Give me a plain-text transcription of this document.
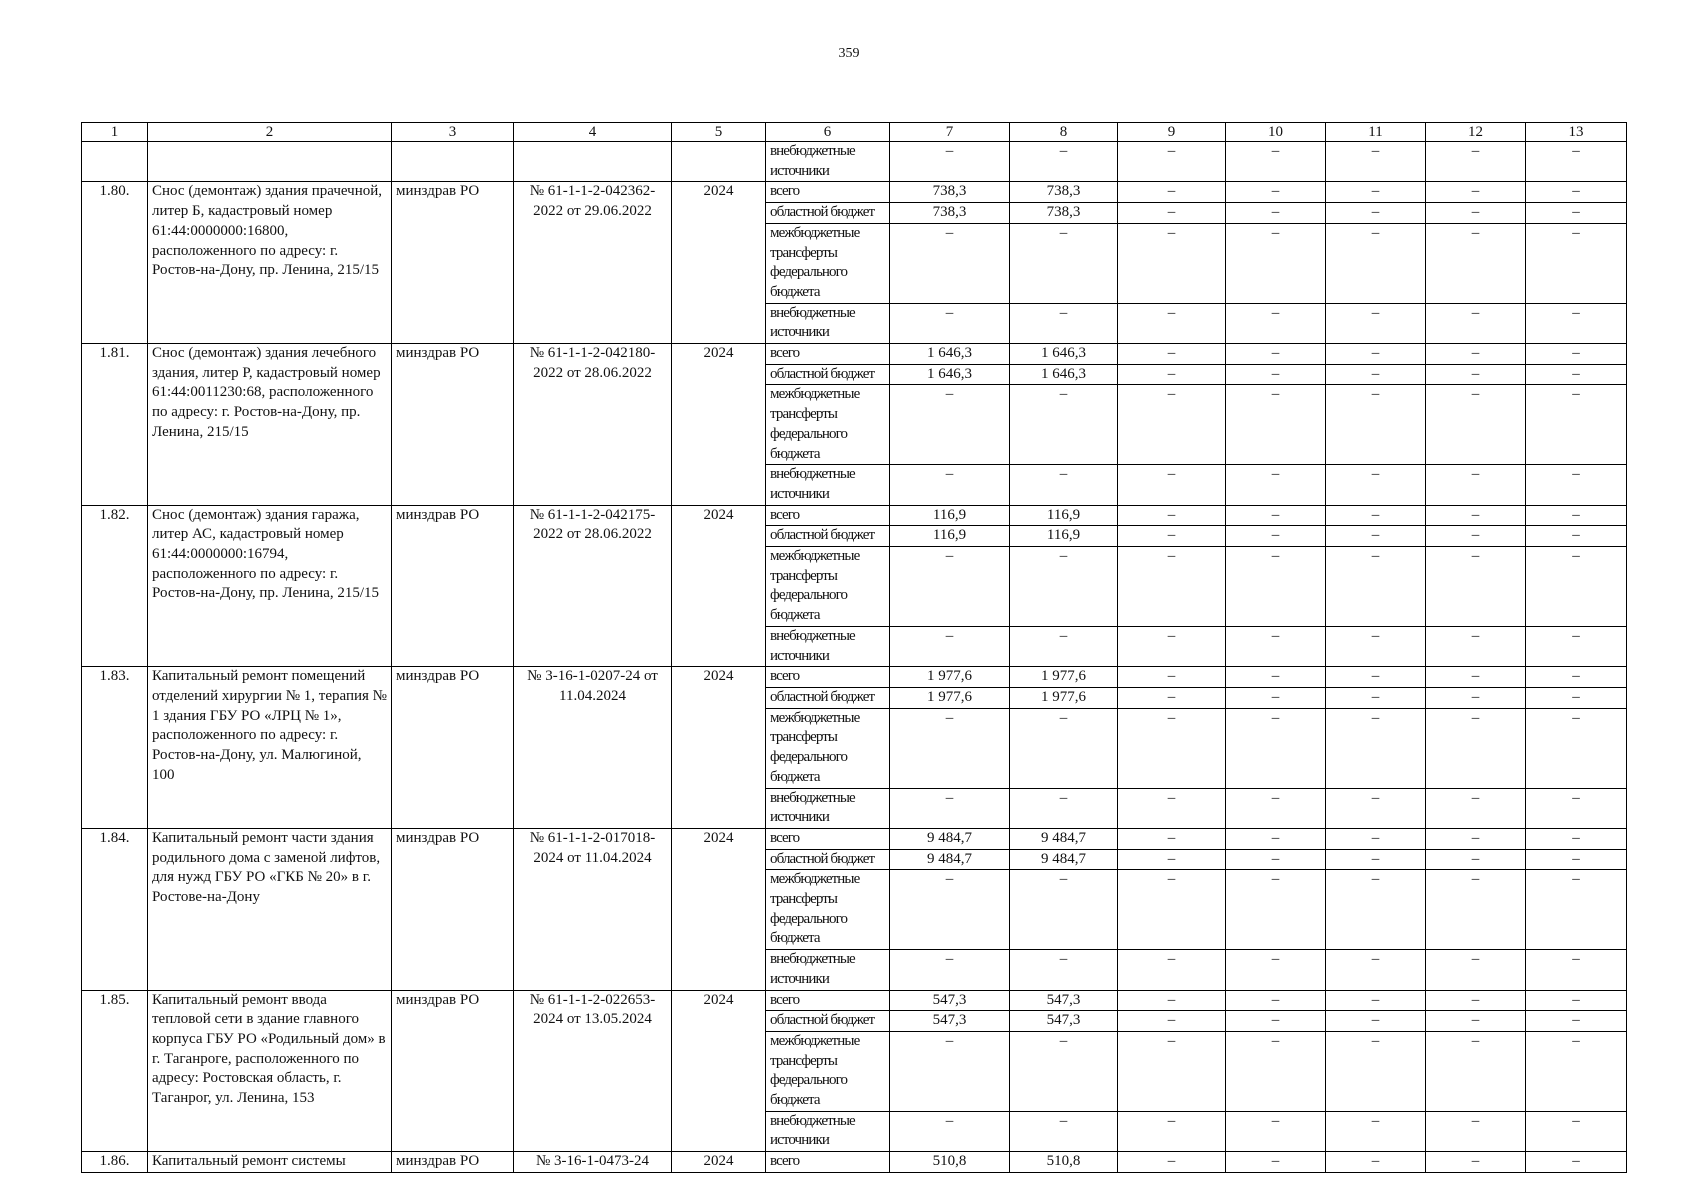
359
1	2	3	4	5	6	7	8	9	10	11	12	13
					внебюджетные источники	–	–	–	–	–	–	–
1.80.	Снос (демонтаж) здания прачечной, литер Б, кадастровый номер 61:44:0000000:16800, расположенного по адресу: г. Ростов-на-Дону, пр. Ленина, 215/15	минздрав РО	№ 61-1-1-2-042362-2022 от 29.06.2022	2024	всего	738,3	738,3	–	–	–	–	–
					областной бюджет	738,3	738,3	–	–	–	–	–
					межбюджетные трансферты федерального бюджета	–	–	–	–	–	–	–
					внебюджетные источники	–	–	–	–	–	–	–
1.81.	Снос (демонтаж) здания лечебного здания, литер Р, кадастровый номер 61:44:0011230:68, расположенного по адресу: г. Ростов-на-Дону, пр. Ленина, 215/15	минздрав РО	№ 61-1-1-2-042180-2022 от 28.06.2022	2024	всего	1 646,3	1 646,3	–	–	–	–	–
					областной бюджет	1 646,3	1 646,3	–	–	–	–	–
					межбюджетные трансферты федерального бюджета	–	–	–	–	–	–	–
					внебюджетные источники	–	–	–	–	–	–	–
1.82.	Снос (демонтаж) здания гаража, литер АС, кадастровый номер 61:44:0000000:16794, расположенного по адресу: г. Ростов-на-Дону, пр. Ленина, 215/15	минздрав РО	№ 61-1-1-2-042175-2022 от 28.06.2022	2024	всего	116,9	116,9	–	–	–	–	–
					областной бюджет	116,9	116,9	–	–	–	–	–
					межбюджетные трансферты федерального бюджета	–	–	–	–	–	–	–
					внебюджетные источники	–	–	–	–	–	–	–
1.83.	Капитальный ремонт помещений отделений хирургии № 1, терапия № 1 здания ГБУ РО «ЛРЦ № 1», расположенного по адресу: г. Ростов-на-Дону, ул. Малюгиной, 100	минздрав РО	№ 3-16-1-0207-24 от 11.04.2024	2024	всего	1 977,6	1 977,6	–	–	–	–	–
					областной бюджет	1 977,6	1 977,6	–	–	–	–	–
					межбюджетные трансферты федерального бюджета	–	–	–	–	–	–	–
					внебюджетные источники	–	–	–	–	–	–	–
1.84.	Капитальный ремонт части здания родильного дома с заменой лифтов, для нужд ГБУ РО «ГКБ № 20» в г. Ростове-на-Дону	минздрав РО	№ 61-1-1-2-017018-2024 от 11.04.2024	2024	всего	9 484,7	9 484,7	–	–	–	–	–
					областной бюджет	9 484,7	9 484,7	–	–	–	–	–
					межбюджетные трансферты федерального бюджета	–	–	–	–	–	–	–
					внебюджетные источники	–	–	–	–	–	–	–
1.85.	Капитальный ремонт ввода тепловой сети в здание главного корпуса ГБУ РО «Родильный дом» в г. Таганроге, расположенного по адресу: Ростовская область, г. Таганрог, ул. Ленина, 153	минздрав РО	№ 61-1-1-2-022653-2024 от 13.05.2024	2024	всего	547,3	547,3	–	–	–	–	–
					областной бюджет	547,3	547,3	–	–	–	–	–
					межбюджетные трансферты федерального бюджета	–	–	–	–	–	–	–
					внебюджетные источники	–	–	–	–	–	–	–
1.86.	Капитальный ремонт системы	минздрав РО	№ 3-16-1-0473-24	2024	всего	510,8	510,8	–	–	–	–	–
